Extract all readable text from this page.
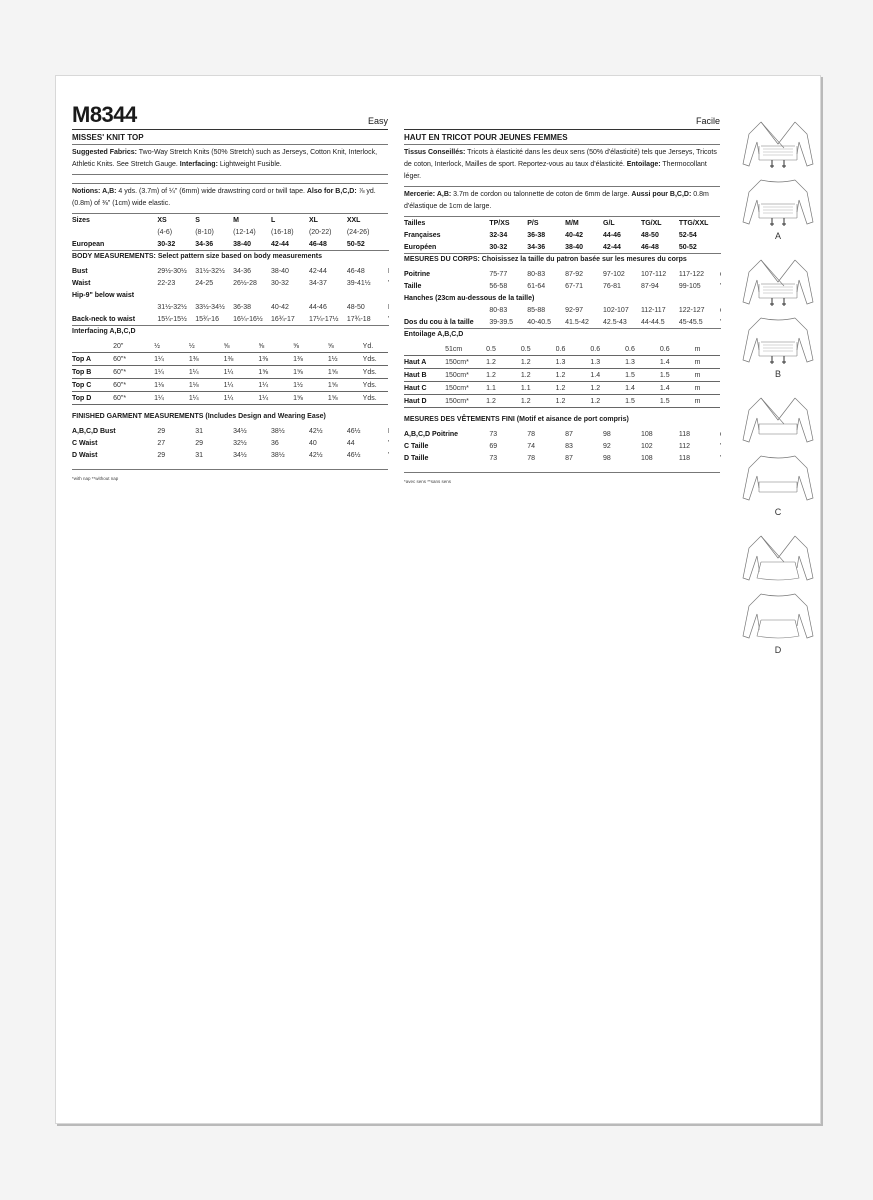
M8344	Easy
MISSES' KNIT TOP
Suggested Fabrics: Two-Way Stretch Knits (50% Stretch) such as Jerseys, Cotton Knit, Interlock, Athletic Knits. See Stretch Gauge. Interfacing: Lightweight Fusible.
Notions: A,B: 4 yds. (3.7m) of ¼" (6mm) wide drawstring cord or twill tape. Also for B,C,D: ⅞ yd. (0.8m) of ⅜" (1cm) wide elastic.
Sizes	XS	S	M	L	XL	XXL	
	(4-6)	(8-10)	(12-14)	(16-18)	(20-22)	(24-26)	
European	30-32	34-36	38-40	42-44	46-48	50-52	
BODY MEASUREMENTS: Select pattern size based on body measurements
Bust	29½-30½	31½-32½	34-36	38-40	42-44	46-48	
Waist	22-23	24-25	26½-28	30-32	34-37	39-41½	
Hip-9" below waist							
	31½-32½	33½-34½	36-38	40-42	44-46	48-50	
Back-neck to waist	15¼-15½	15¾-16	16¼-16½	16¾-17	17¼-17½	17¾-18	
Interfacing A,B,C,D
	20"	½	½	⅝	⅝	⅝	⅝	Yd.
Top A	60"*	1¼	1⅜	1⅜	1⅜	1⅜	1½	Yds.
Top B	60"*	1¼	1¼	1¼	1⅝	1⅝	1⅝	Yds.
Top C	60"*	1⅛	1⅛	1¼	1¼	1½	1⅝	Yds.
Top D	60"*	1¼	1¼	1¼	1¼	1⅝	1⅝	Yds.
FINISHED GARMENT MEASUREMENTS (Includes Design and Wearing Ease)
A,B,C,D Bust	29	31	34½	38½	42½	46½	
C Waist	27	29	32½	36	40	44	
D Waist	29	31	34½	38½	42½	46½	
*with nap **without nap
Facile
HAUT EN TRICOT POUR JEUNES FEMMES
Tissus Conseillés: Tricots à élasticité dans les deux sens (50% d'élasticité) tels que Jerseys, Tricots de coton, Interlock, Mailles de sport. Reportez-vous au taux d'élasticité. Entoilage: Thermocollant léger.
Mercerie: A,B: 3.7m de cordon ou talonnette de coton de 6mm de large. Aussi pour B,C,D: 0.8m d'élastique de 1cm de large.
Tailles	TP/XS	P/S	M/M	G/L	TG/XL	TTG/XXL	
Françaises	32-34	36-38	40-42	44-46	48-50	52-54	
Européen	30-32	34-36	38-40	42-44	46-48	50-52	
MESURES DU CORPS: Choisissez la taille du patron basée sur les mesures du corps
Poitrine	75-77	80-83	87-92	97-102	107-112	117-122	
Taille	56-58	61-64	67-71	76-81	87-94	99-105	
Hanches (23cm au-dessous de la taille)							
	80-83	85-88	92-97	102-107	112-117	122-127	
Dos du cou à la taille	39-39.5	40-40.5	41.5-42	42.5-43	44-44.5	45-45.5	
Entoilage A,B,C,D
	51cm	0.5	0.5	0.6	0.6	0.6	0.6	m
Haut A	150cm*	1.2	1.2	1.3	1.3	1.3	1.4	m
Haut B	150cm*	1.2	1.2	1.2	1.4	1.5	1.5	m
Haut C	150cm*	1.1	1.1	1.2	1.2	1.4	1.4	m
Haut D	150cm*	1.2	1.2	1.2	1.2	1.5	1.5	m
MESURES DES VÊTEMENTS FINI (Motif et aisance de port compris)
A,B,C,D Poitrine	73	78	87	98	108	118	
C Taille	69	74	83	92	102	112	
D Taille	73	78	87	98	108	118	
*avec sens **sans sens
A
B
C
D
